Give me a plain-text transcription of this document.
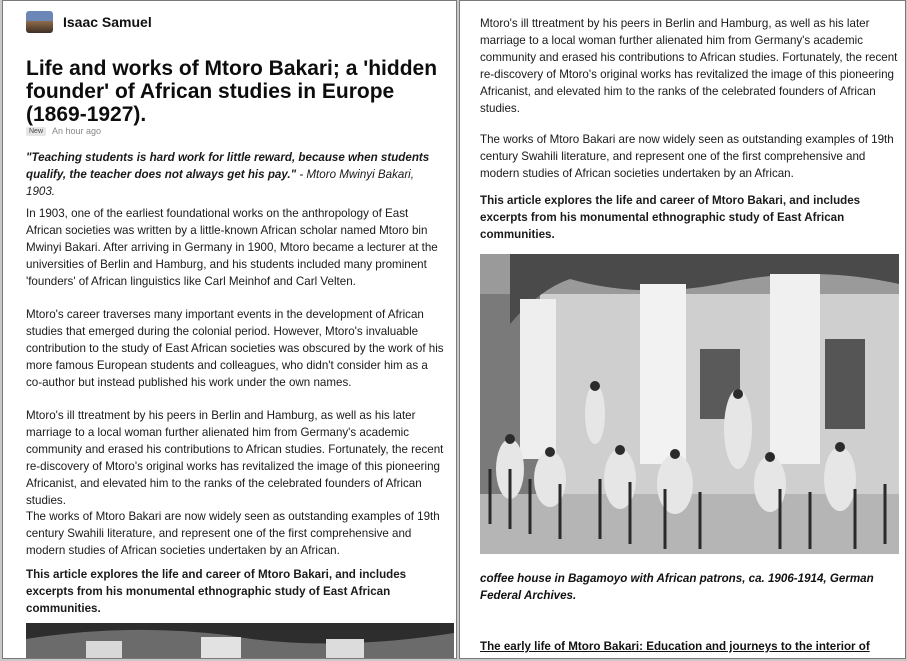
Isaac Samuel
Life and works of Mtoro Bakari; a 'hidden founder' of African studies in Europe (1869-1927).
New	An hour ago

"Teaching students is hard work for little reward, because when students qualify, the teacher does not always get his pay." - Mtoro Mwinyi Bakari, 1903.

In 1903, one of the earliest foundational works on the anthropology of East African societies was written by a little-known African scholar named Mtoro bin Mwinyi Bakari. After arriving in Germany in 1900, Mtoro became a lecturer at the universities of Berlin and Hamburg, and his students included many prominent 'founders' of African linguistics like Carl Meinhof and Carl Velten.

Mtoro's career traverses many important events in the development of African studies that emerged during the colonial period. However, Mtoro's invaluable contribution to the study of East African societies was obscured by the work of his more famous European students and colleagues, who didn't consider him as a co-author but instead published his work under the own names.

Mtoro's ill ttreatment by his peers in Berlin and Hamburg, as well as his later marriage to a local woman further alienated him from Germany's academic community and erased his contributions to African studies. Fortunately, the recent re-discovery of Mtoro's original works has revitalized the image of this pioneering Africanist, and elevated him to the ranks of the celebrated founders of African studies.

The works of Mtoro Bakari are now widely seen as outstanding examples of 19th century Swahili literature, and represent one of the first comprehensive and modern studies of African societies undertaken by an African.

This article explores the life and career of Mtoro Bakari, and includes excerpts from his monumental ethnographic study of East African communities.

Mtoro's ill ttreatment by his peers in Berlin and Hamburg, as well as his later marriage to a local woman further alienated him from Germany's academic community and erased his contributions to African studies. Fortunately, the recent re-discovery of Mtoro's original works has revitalized the image of this pioneering Africanist, and elevated him to the ranks of the celebrated founders of African studies.

The works of Mtoro Bakari are now widely seen as outstanding examples of 19th century Swahili literature, and represent one of the first comprehensive and modern studies of African societies undertaken by an African.

This article explores the life and career of Mtoro Bakari, and includes excerpts from his monumental ethnographic study of East African communities.

coffee house in Bagamoyo with African patrons, ca. 1906-1914, German Federal Archives.

The early life of Mtoro Bakari: Education and journeys to the interior of
